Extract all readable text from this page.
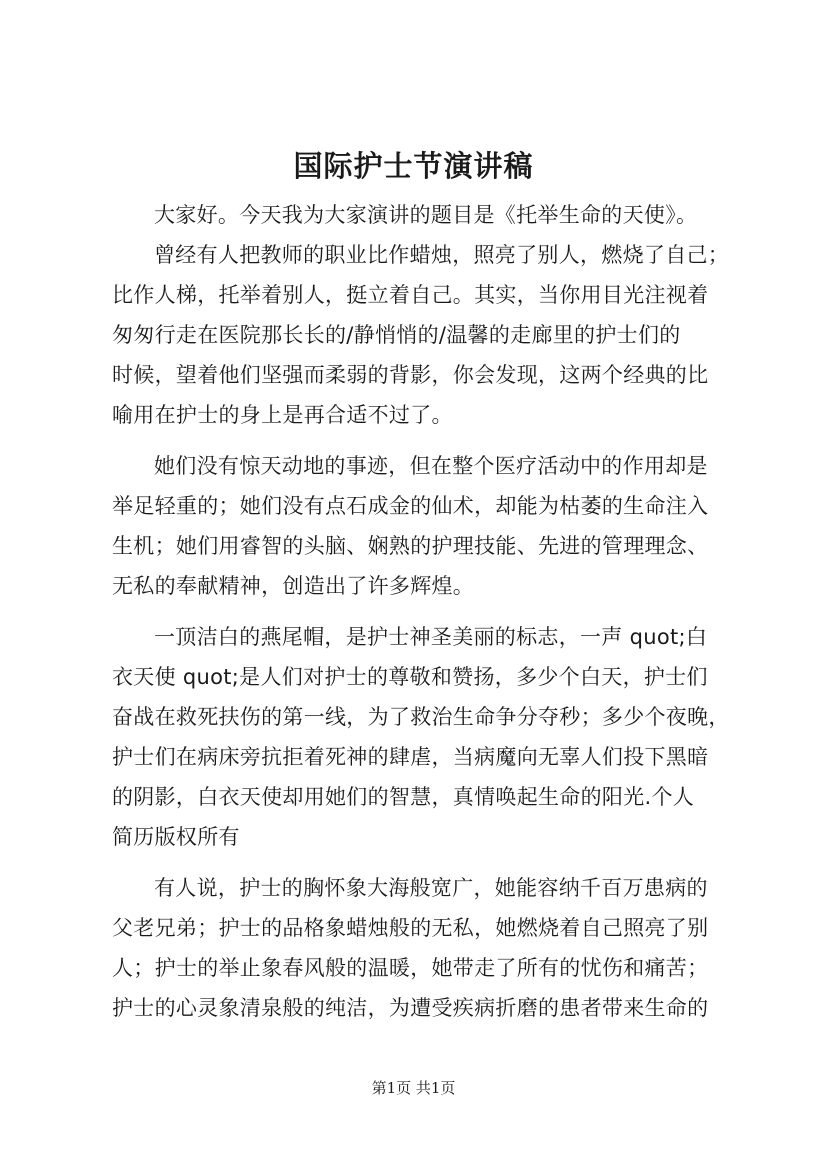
国际护士节演讲稿
大家好。今天我为大家演讲的题目是《托举生命的天使》。
曾经有人把教师的职业比作蜡烛，照亮了别人，燃烧了自己；
比作人梯，托举着别人，挺立着自己。其实，当你用目光注视着
匆匆行走在医院那长长的/静悄悄的/温馨的走廊里的护士们的
时候，望着他们坚强而柔弱的背影，你会发现，这两个经典的比
喻用在护士的身上是再合适不过了。
她们没有惊天动地的事迹，但在整个医疗活动中的作用却是
举足轻重的；她们没有点石成金的仙术，却能为枯萎的生命注入
生机；她们用睿智的头脑、娴熟的护理技能、先进的管理理念、
无私的奉献精神，创造出了许多辉煌。
一顶洁白的燕尾帽，是护士神圣美丽的标志，一声 quot;白
衣天使 quot;是人们对护士的尊敬和赞扬，多少个白天，护士们
奋战在救死扶伤的第一线，为了救治生命争分夺秒；多少个夜晚，
护士们在病床旁抗拒着死神的肆虐，当病魔向无辜人们投下黑暗
的阴影，白衣天使却用她们的智慧，真情唤起生命的阳光.个人
简历版权所有
有人说，护士的胸怀象大海般宽广，她能容纳千百万患病的
父老兄弟；护士的品格象蜡烛般的无私，她燃烧着自己照亮了别
人；护士的举止象春风般的温暖，她带走了所有的忧伤和痛苦；
护士的心灵象清泉般的纯洁，为遭受疾病折磨的患者带来生命的
第1页 共1页
